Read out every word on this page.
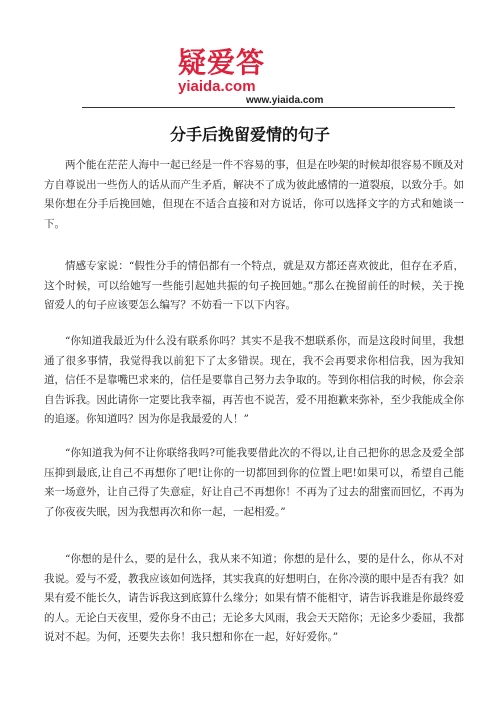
疑爱答
yiaida.com
www.yiaida.com
分手后挽留爱情的句子

两个能在茫茫人海中一起已经是一件不容易的事，但是在吵架的时候却很容易不顾及对方自尊说出一些伤人的话从而产生矛盾，解决不了成为彼此感情的一道裂痕，以致分手。如果你想在分手后挽回她，但现在不适合直接和对方说话，你可以选择文字的方式和她谈一下。

情感专家说：“假性分手的情侣都有一个特点，就是双方都还喜欢彼此，但存在矛盾，这个时候，可以给她写一些能引起她共振的句子挽回她。”那么在挽留前任的时候，关于挽留爱人的句子应该要怎么编写？不妨看一下以下内容。

“你知道我最近为什么没有联系你吗？其实不是我不想联系你，而是这段时间里，我想通了很多事情，我觉得我以前犯下了太多错误。现在，我不会再要求你相信我，因为我知道，信任不是靠嘴巴求来的，信任是要靠自己努力去争取的。等到你相信我的时候，你会亲自告诉我。因此请你一定要比我幸福，再苦也不说苦，爱不用抱歉来弥补，至少我能成全你的追逐。你知道吗？因为你是我最爱的人！”

“你知道我为何不让你联络我吗?可能我要借此次的不得以,让自己把你的思念及爱全部压抑到最底,让自己不再想你了吧!让你的一切都回到你的位置上吧!如果可以，希望自己能来一场意外，让自己得了失意症，好让自己不再想你！不再为了过去的甜蜜而回忆，不再为了你夜夜失眠，因为我想再次和你一起，一起相爱。”

“你想的是什么，要的是什么，我从来不知道；你想的是什么，要的是什么，你从不对我说。爱与不爱，教我应该如何选择，其实我真的好想明白，在你冷漠的眼中是否有我？如果有爱不能长久，请告诉我这到底算什么缘分；如果有情不能相守，请告诉我谁是你最终爱的人。无论白天夜里，爱你身不由己；无论多大风雨，我会天天陪你；无论多少委屈，我都说对不起。为何，还要失去你！我只想和你在一起，好好爱你。”
